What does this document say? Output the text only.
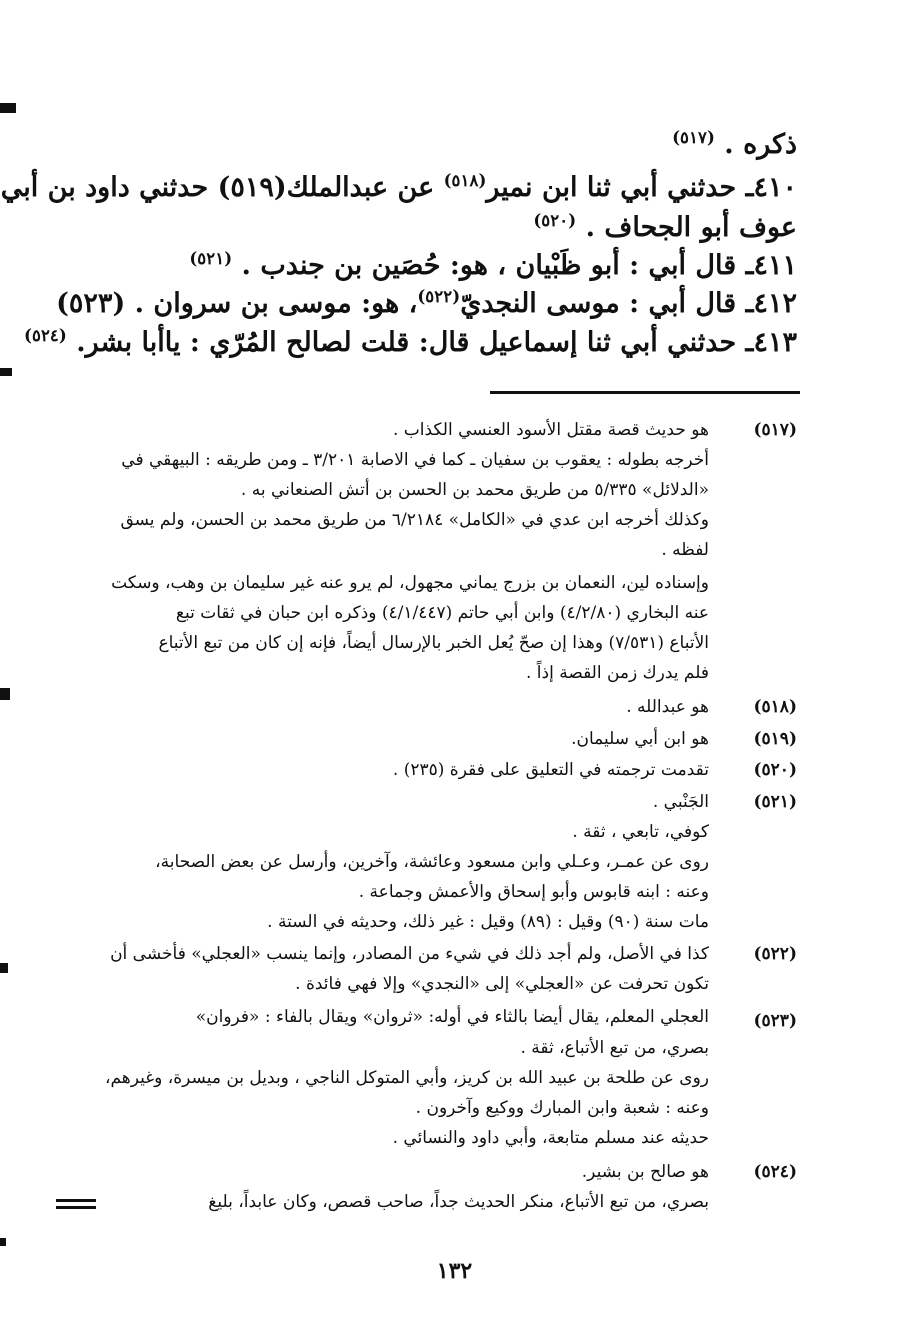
ذكره . $^{(٥١٧)}$
٤١٠ـ حدثني أبي ثنا ابن نمير$^{(٥١٨)}$ عن عبدالملك(٥١٩) حدثني داود بن أبي
عوف أبو الجحاف . $^{(٥٢٠)}$
٤١١ـ قال أبي : أبو ظَبْيان ، هو: حُصَين بن جندب . $^{(٥٢١)}$
٤١٢ـ قال أبي : موسى النجديّ$^{(٥٢٢)}$، هو: موسى بن سروان . (٥٢٣)
٤١٣ـ حدثني أبي ثنا إسماعيل قال: قلت لصالح المُرّي : ياأبا بشر. $^{(٥٢٤)}$
(٥١٧)
هو حديث قصة مقتل الأسود العنسي الكذاب .
أخرجه بطوله : يعقوب بن سفيان ـ كما في الاصابة ٣/٢٠١ ـ ومن طريقه : البيهقي في
«الدلائل» ٥/٣٣٥ من طريق محمد بن الحسن بن أتش الصنعاني به .
وكذلك أخرجه ابن عدي في «الكامل» ٦/٢١٨٤ من طريق محمد بن الحسن، ولم يسق
لفظه .
وإسناده لين، النعمان بن بزرج يماني مجهول، لم يرو عنه غير سليمان بن وهب، وسكت
عنه البخاري (٤/٢/٨٠) وابن أبي حاتم (٤/١/٤٤٧) وذكره ابن حبان في ثقات تبع
الأتباع (٧/٥٣١) وهذا إن صحّ يُعل الخبر بالإرسال أيضاً، فإنه إن كان من تبع الأتباع
فلم يدرك زمن القصة إذاً .
(٥١٨)
هو عبدالله .
(٥١٩)
هو ابن أبي سليمان.
(٥٢٠)
تقدمت ترجمته في التعليق على فقرة (٢٣٥) .
(٥٢١)
الجَنْبي .
كوفي، تابعي ، ثقة .
روى عن عمـر، وعـلي وابن مسعود وعائشة، وآخرين، وأرسل عن بعض الصحابة،
وعنه : ابنه قابوس وأبو إسحاق والأعمش وجماعة .
مات سنة (٩٠) وقيل : (٨٩) وقيل : غير ذلك، وحديثه في الستة .
(٥٢٢)
كذا في الأصل، ولم أجد ذلك في شيء من المصادر، وإنما ينسب «العجلي» فأخشى أن
تكون تحرفت عن «العجلي» إلى «النجدي» وإلا فهي فائدة .
(٥٢٣)
العجلي المعلم، يقال أيضا بالثاء في أوله: «ثروان» ويقال بالفاء : «فروان»
بصري، من تبع الأتباع، ثقة .
روى عن طلحة بن عبيد الله بن كريز، وأبي المتوكل الناجي ، وبديل بن ميسرة، وغيرهم،
وعنه : شعبة وابن المبارك ووكيع وآخرون .
حديثه عند مسلم متابعة، وأبي داود والنسائي .
(٥٢٤)
هو صالح بن بشير.
بصري، من تبع الأتباع، منكر الحديث جداً، صاحب قصص، وكان عابداً، بليغ
١٣٢
